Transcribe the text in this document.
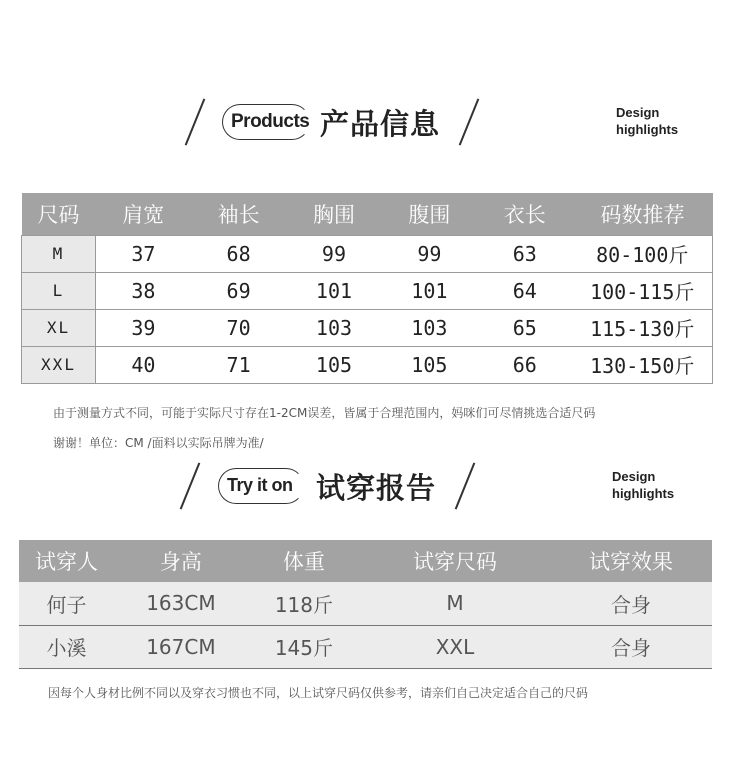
Products 产品信息	Design
highlights
尺码	肩宽	袖长	胸围	腹围	衣长	码数推荐
M	37	68	99	99	63	80-100斤
L	38	69	101	101	64	100-115斤
XL	39	70	103	103	65	115-130斤
XXL	40	71	105	105	66	130-150斤
由于测量方式不同，可能于实际尺寸存在1-2CM误差，皆属于合理范围内，妈咪们可尽情挑选合适尺码
谢谢！单位：CM /面料以实际吊牌为准/
Try it on 试穿报告	Design
highlights
试穿人	身高	体重	试穿尺码	试穿效果
何子	163CM	118斤	M	合身
小溪	167CM	145斤	XXL	合身
因每个人身材比例不同以及穿衣习惯也不同，以上试穿尺码仅供参考，请亲们自己决定适合自己的尺码
